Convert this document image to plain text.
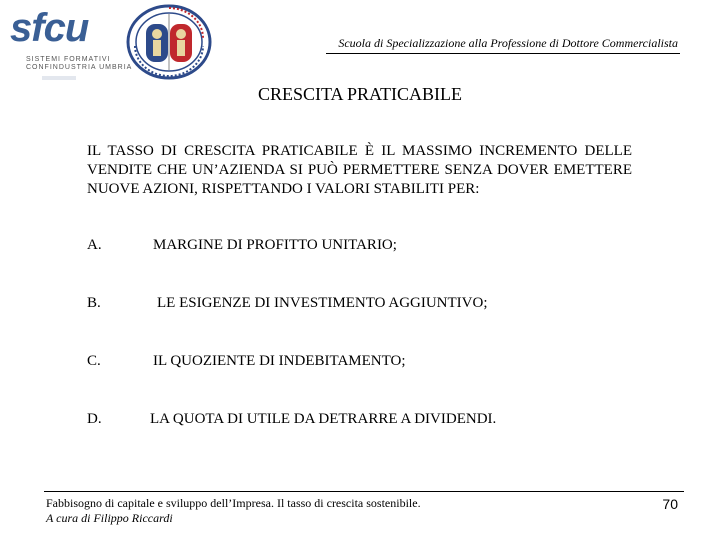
sfcu
SISTEMI FORMATIVI
CONFINDUSTRIA UMBRIA
Scuola di Specializzazione alla Professione di Dottore Commercialista
CRESCITA PRATICABILE
IL TASSO DI CRESCITA PRATICABILE È IL MASSIMO INCREMENTO DELLE VENDITE CHE UN’AZIENDA SI PUÒ PERMETTERE SENZA DOVER EMETTERE NUOVE AZIONI, RISPETTANDO I VALORI STABILITI PER:
A.	MARGINE DI PROFITTO UNITARIO;
B.	LE ESIGENZE DI INVESTIMENTO AGGIUNTIVO;
C.	IL QUOZIENTE DI INDEBITAMENTO;
D.	LA QUOTA DI UTILE DA DETRARRE A DIVIDENDI.
Fabbisogno di capitale e sviluppo dell’Impresa. Il tasso di crescita sostenibile.
A cura di Filippo Riccardi
70
